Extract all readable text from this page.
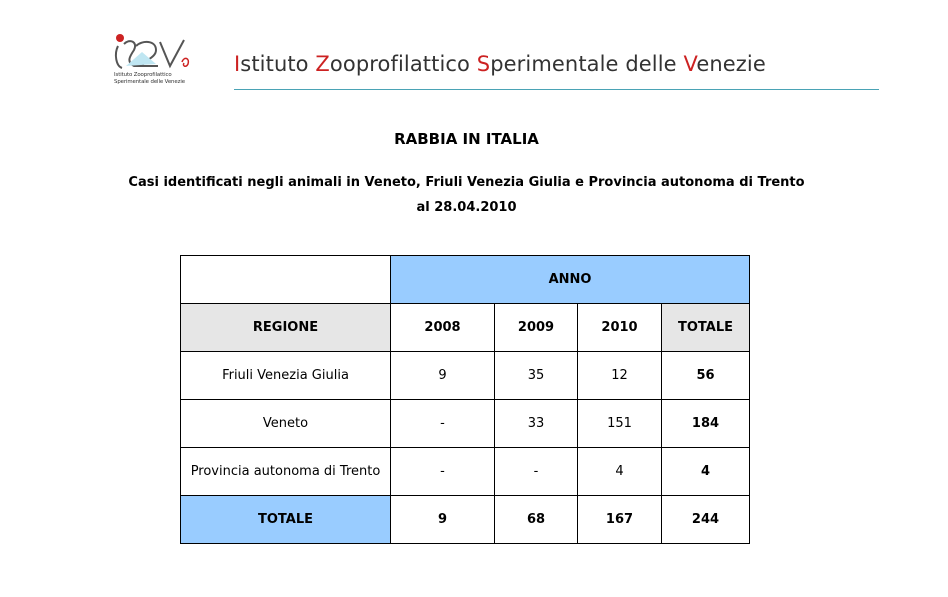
Istituto Zooprofilattico
Sperimentale delle Venezie
Istituto Zooprofilattico Sperimentale delle Venezie
RABBIA IN ITALIA
Casi identificati negli animali in Veneto, Friuli Venezia Giulia e Provincia autonoma di Trento
al 28.04.2010
	ANNO			
REGIONE	2008	2009	2010	TOTALE
Friuli Venezia Giulia	9	35	12	56
Veneto	-	33	151	184
Provincia autonoma di Trento	-	-	4	4
TOTALE	9	68	167	244
